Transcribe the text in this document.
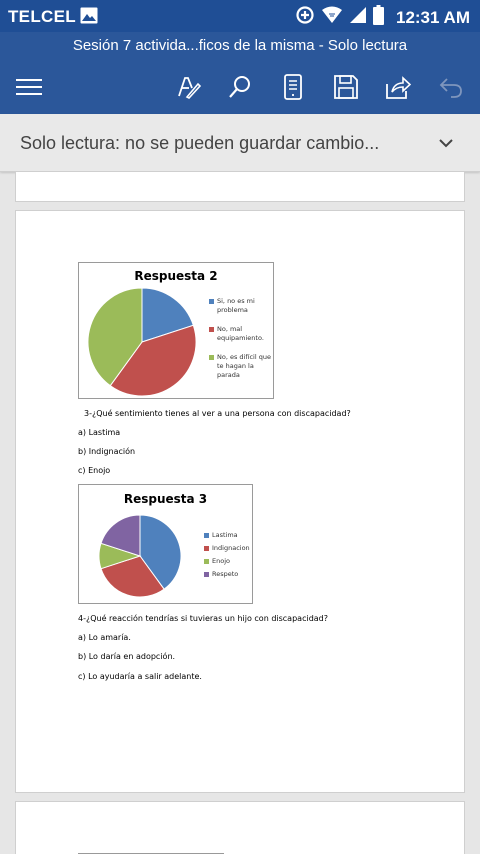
TELCEL	12:31 AM
Sesión 7 activida...ficos de la misma - Solo lectura
Solo lectura: no se pueden guardar cambio...
Respuesta 2
Si, no es mi problema
No, mal equipamiento.
No, es difícil que te hagan la parada
3-¿Qué sentimiento tienes al ver a una persona con discapacidad?
a) Lastima
b) Indignación
c) Enojo
Respuesta 3
Lastima
Indignacion
Enojo
Respeto
4-¿Qué reacción tendrías si tuvieras un hijo con discapacidad?
a) Lo amaría.
b) Lo daría en adopción.
c) Lo ayudaría a salir adelante.
